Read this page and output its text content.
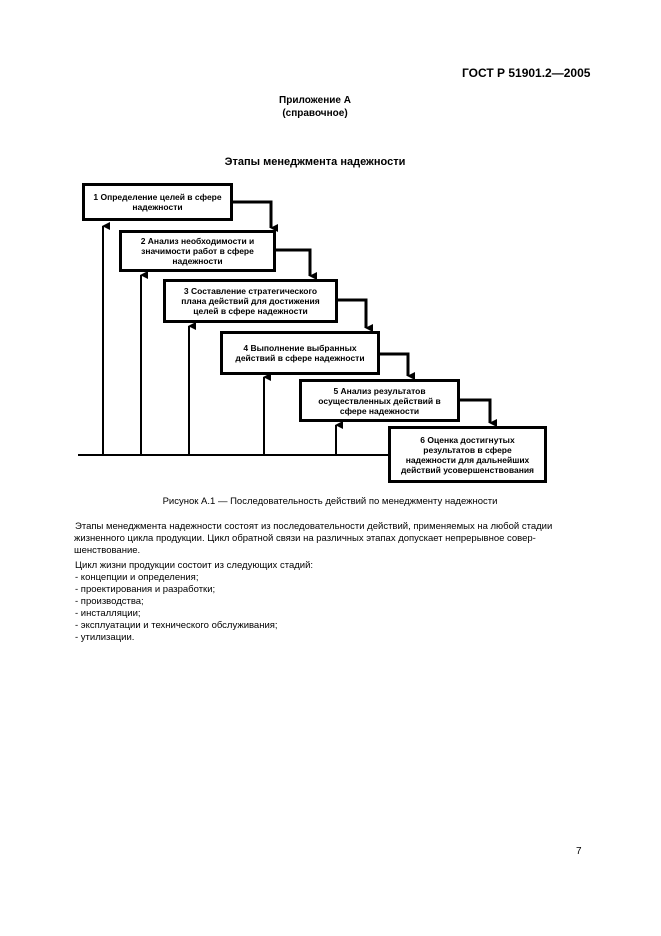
ГОСТ Р 51901.2—2005
Приложение А
(справочное)
Этапы менеджмента надежности
1 Определение целей в сфере надежности
2 Анализ необходимости и значимости работ в сфере надежности
3 Составление стратегического плана действий для достижения целей в сфере надежности
4 Выполнение выбранных действий в сфере надежности
5 Анализ результатов осуществленных действий в сфере надежности
6 Оценка достигнутых результатов в сфере надежности для дальнейших действий усовершенствования
Рисунок А.1 — Последовательность действий по менеджменту надежности
Этапы менеджмента надежности состоят из последовательности действий, применяемых на любой стадии
жизненного цикла продукции. Цикл обратной связи на различных этапах допускает непрерывное совер-
шенствование.
Цикл жизни продукции состоит из следующих стадий:
- концепции и определения;
- проектирования и разработки;
- производства;
- инсталляции;
- эксплуатации и технического обслуживания;
- утилизации.
7
